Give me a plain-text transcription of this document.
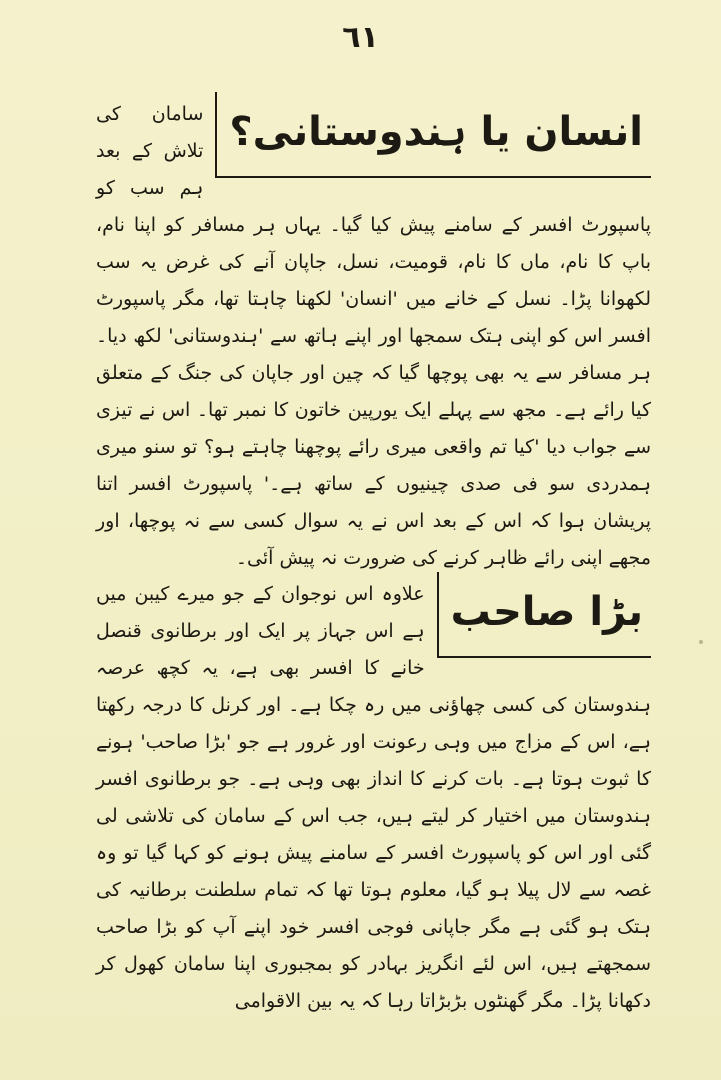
٦١
انسان یا ہندوستانی؟

سامان کی تلاش کے بعد ہم سب کو پاسپورٹ افسر کے سامنے پیش کیا گیا۔ یہاں ہر مسافر کو اپنا نام، باپ کا نام، ماں کا نام، قومیت، نسل، جاپان آنے کی غرض یہ سب لکھوانا پڑا۔ نسل کے خانے میں 'انسان' لکھنا چاہتا تھا، مگر پاسپورٹ افسر اس کو اپنی ہتک سمجھا اور اپنے ہاتھ سے 'ہندوستانی' لکھ دیا۔ ہر مسافر سے یہ بھی پوچھا گیا کہ چین اور جاپان کی جنگ کے متعلق کیا رائے ہے۔ مجھ سے پہلے ایک یورپین خاتون کا نمبر تھا۔ اس نے تیزی سے جواب دیا 'کیا تم واقعی میری رائے پوچھنا چاہتے ہو؟ تو سنو میری ہمدردی سو فی صدی چینیوں کے ساتھ ہے۔' پاسپورٹ افسر اتنا پریشان ہوا کہ اس کے بعد اس نے یہ سوال کسی سے نہ پوچھا، اور مجھے اپنی رائے ظاہر کرنے کی ضرورت نہ پیش آئی۔

بڑا صاحب

علاوہ اس نوجوان کے جو میرے کیبن میں ہے اس جہاز پر ایک اور برطانوی قنصل خانے کا افسر بھی ہے، یہ کچھ عرصہ ہندوستان کی کسی چھاؤنی میں رہ چکا ہے۔ اور کرنل کا درجہ رکھتا ہے، اس کے مزاج میں وہی رعونت اور غرور ہے جو 'بڑا صاحب' ہونے کا ثبوت ہوتا ہے۔ بات کرنے کا انداز بھی وہی ہے۔ جو برطانوی افسر ہندوستان میں اختیار کر لیتے ہیں، جب اس کے سامان کی تلاشی لی گئی اور اس کو پاسپورٹ افسر کے سامنے پیش ہونے کو کہا گیا تو وہ غصہ سے لال پیلا ہو گیا، معلوم ہوتا تھا کہ تمام سلطنت برطانیہ کی ہتک ہو گئی ہے مگر جاپانی فوجی افسر خود اپنے آپ کو بڑا صاحب سمجھتے ہیں، اس لئے انگریز بہادر کو بمجبوری اپنا سامان کھول کر دکھانا پڑا۔ مگر گھنٹوں بڑبڑاتا رہا کہ یہ بین الاقوامی
